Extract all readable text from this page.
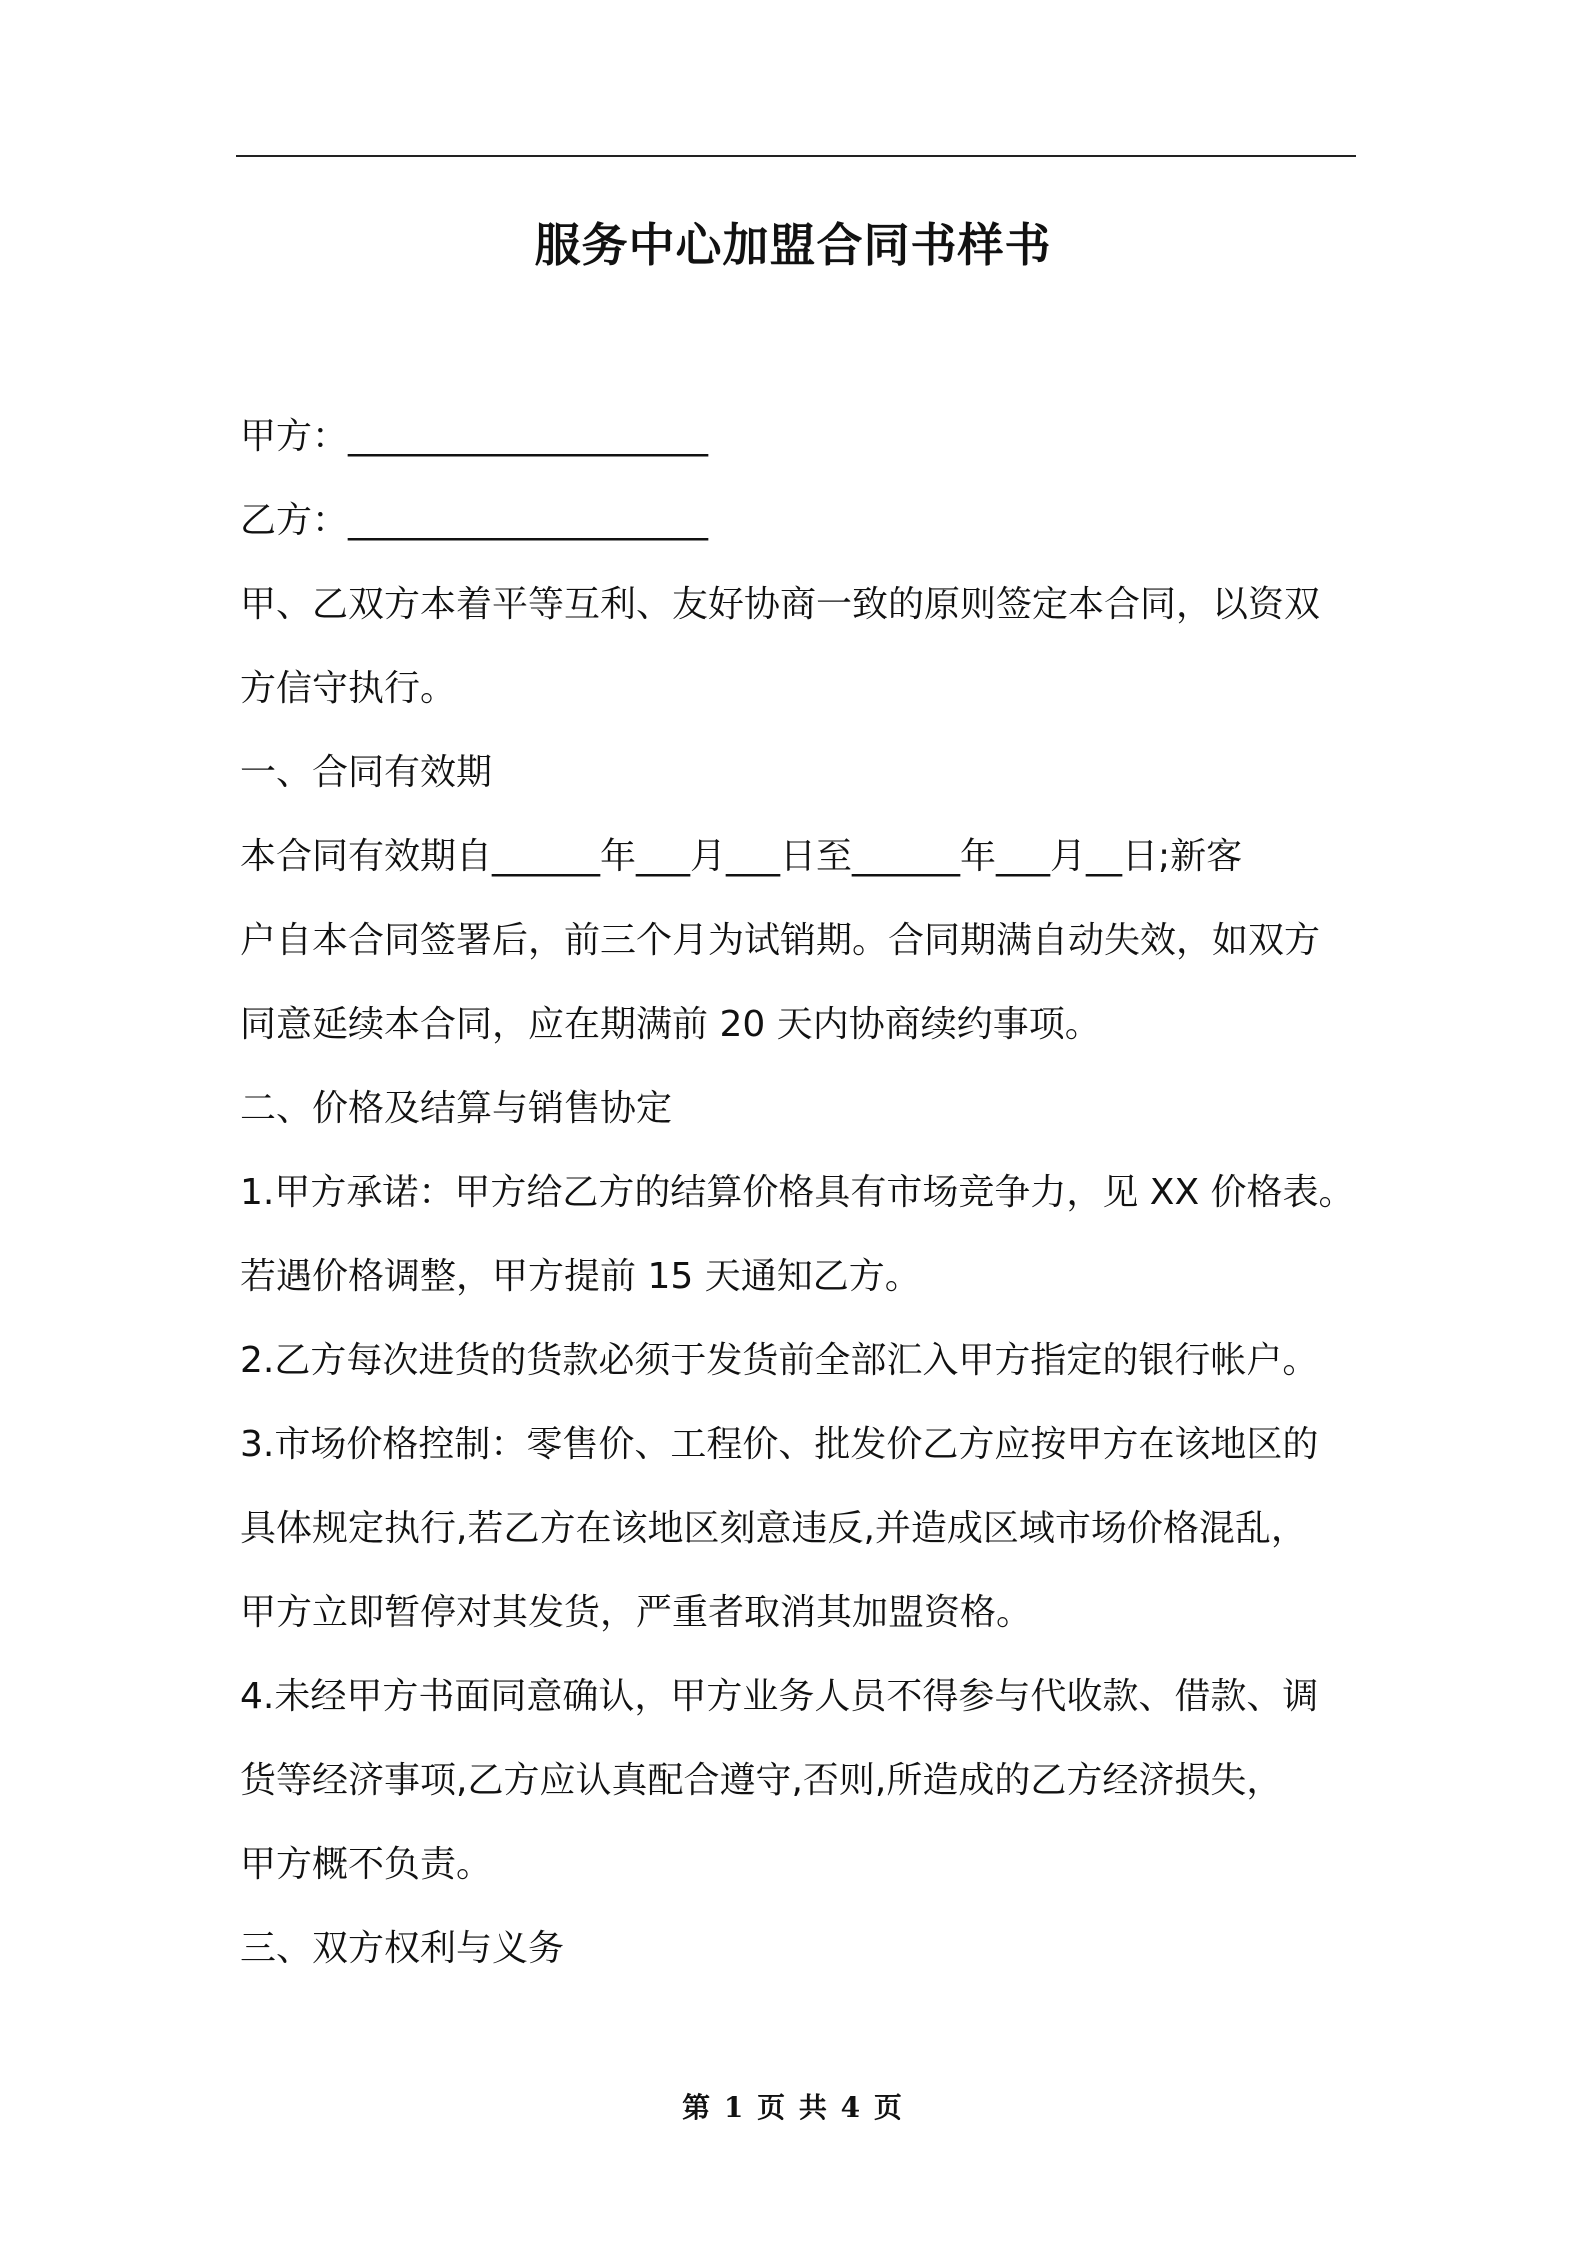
服务中心加盟合同书样书
甲方：____________________
乙方：____________________
甲、乙双方本着平等互利、友好协商一致的原则签定本合同，以资双
方信守执行。
一、合同有效期
本合同有效期自______年___月___日至______年___月__日;新客
户自本合同签署后，前三个月为试销期。合同期满自动失效，如双方
同意延续本合同，应在期满前 20 天内协商续约事项。
二、价格及结算与销售协定
1.甲方承诺：甲方给乙方的结算价格具有市场竞争力，见 XX 价格表。
若遇价格调整，甲方提前 15 天通知乙方。
2.乙方每次进货的货款必须于发货前全部汇入甲方指定的银行帐户。
3.市场价格控制：零售价、工程价、批发价乙方应按甲方在该地区的
具体规定执行,若乙方在该地区刻意违反,并造成区域市场价格混乱，
甲方立即暂停对其发货，严重者取消其加盟资格。
4.未经甲方书面同意确认，甲方业务人员不得参与代收款、借款、调
货等经济事项,乙方应认真配合遵守,否则,所造成的乙方经济损失，
甲方概不负责。
三、双方权利与义务
第 1 页 共 4 页
